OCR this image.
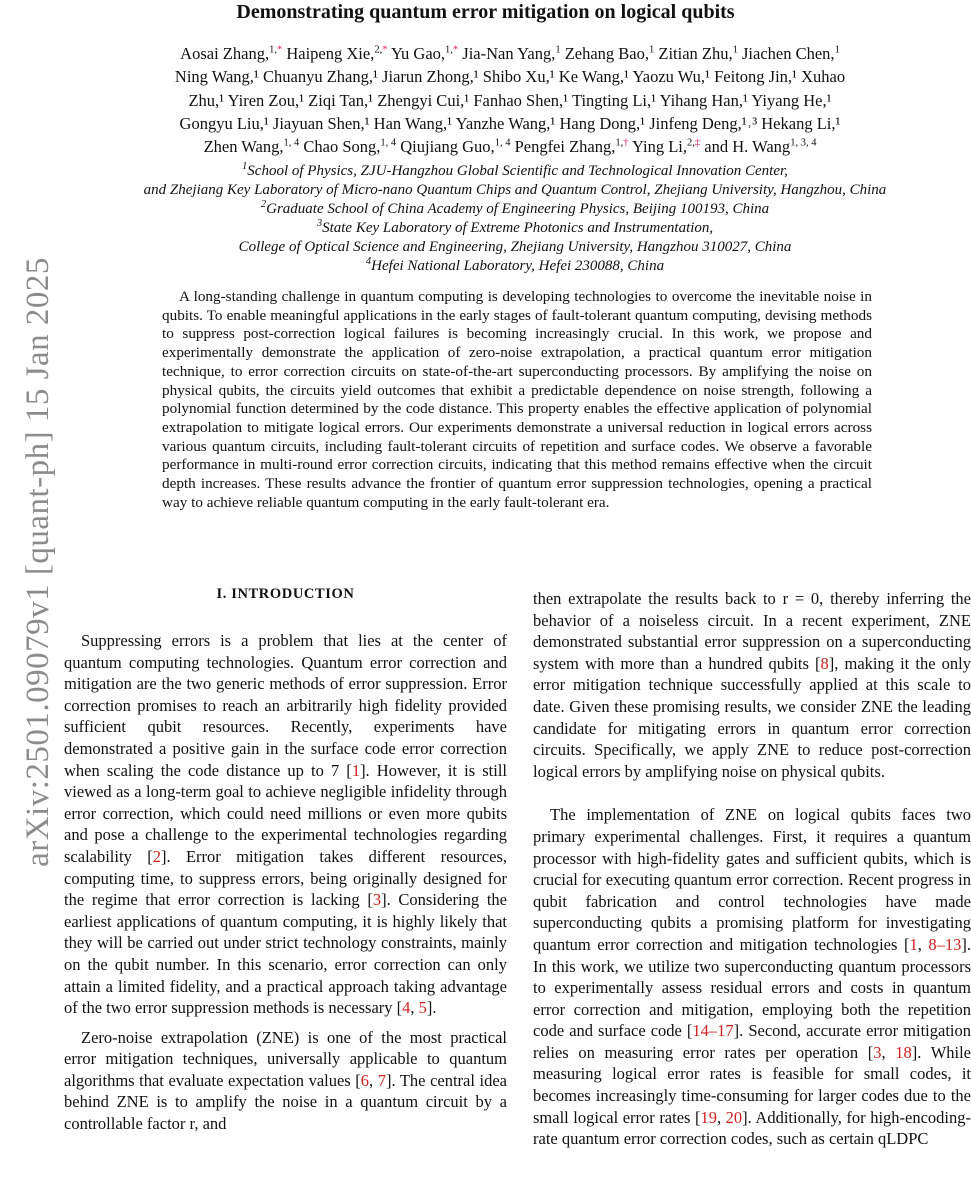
arXiv:2501.09079v1 [quant-ph] 15 Jan 2025
Demonstrating quantum error mitigation on logical qubits
Aosai Zhang,$^{1,*}$ Haipeng Xie,$^{2,*}$ Yu Gao,$^{1,*}$ Jia-Nan Yang,$^1$ Zehang Bao,$^1$ Zitian Zhu,$^1$ Jiachen Chen,$^1$
Ning Wang,¹ Chuanyu Zhang,¹ Jiarun Zhong,¹ Shibo Xu,¹ Ke Wang,¹ Yaozu Wu,¹ Feitong Jin,¹ Xuhao
Zhu,¹ Yiren Zou,¹ Ziqi Tan,¹ Zhengyi Cui,¹ Fanhao Shen,¹ Tingting Li,¹ Yihang Han,¹ Yiyang He,¹
Gongyu Liu,¹ Jiayuan Shen,¹ Han Wang,¹ Yanzhe Wang,¹ Hang Dong,¹ Jinfeng Deng,¹˒³ Hekang Li,¹
Zhen Wang,$^{1, 4}$ Chao Song,$^{1, 4}$ Qiujiang Guo,$^{1, 4}$ Pengfei Zhang,$^{1,\dagger}$ Ying Li,$^{2,\ddagger}$ and H. Wang$^{1, 3, 4}$
$^1$School of Physics, ZJU-Hangzhou Global Scientific and Technological Innovation Center,
and Zhejiang Key Laboratory of Micro-nano Quantum Chips and Quantum Control, Zhejiang University, Hangzhou, China
$^2$Graduate School of China Academy of Engineering Physics, Beijing 100193, China
$^3$State Key Laboratory of Extreme Photonics and Instrumentation,
College of Optical Science and Engineering, Zhejiang University, Hangzhou 310027, China
$^4$Hefei National Laboratory, Hefei 230088, China
A long-standing challenge in quantum computing is developing technologies to overcome the inevitable noise in qubits. To enable meaningful applications in the early stages of fault-tolerant quantum computing, devising methods to suppress post-correction logical failures is becoming increasingly crucial. In this work, we propose and experimentally demonstrate the application of zero-noise extrapolation, a practical quantum error mitigation technique, to error correction circuits on state-of-the-art superconducting processors. By amplifying the noise on physical qubits, the circuits yield outcomes that exhibit a predictable dependence on noise strength, following a polynomial function determined by the code distance. This property enables the effective application of polynomial extrapolation to mitigate logical errors. Our experiments demonstrate a universal reduction in logical errors across various quantum circuits, including fault-tolerant circuits of repetition and surface codes. We observe a favorable performance in multi-round error correction circuits, indicating that this method remains effective when the circuit depth increases. These results advance the frontier of quantum error suppression technologies, opening a practical way to achieve reliable quantum computing in the early fault-tolerant era.
I. INTRODUCTION

Suppressing errors is a problem that lies at the center of quantum computing technologies. Quantum error correction and mitigation are the two generic methods of error suppression. Error correction promises to reach an arbitrarily high fidelity provided sufficient qubit resources. Recently, experiments have demonstrated a positive gain in the surface code error correction when scaling the code distance up to 7 [1]. However, it is still viewed as a long-term goal to achieve negligible infidelity through error correction, which could need millions or even more qubits and pose a challenge to the experimental technologies regarding scalability [2]. Error mitigation takes different resources, computing time, to suppress errors, being originally designed for the regime that error correction is lacking [3]. Considering the earliest applications of quantum computing, it is highly likely that they will be carried out under strict technology constraints, mainly on the qubit number. In this scenario, error correction can only attain a limited fidelity, and a practical approach taking advantage of the two error suppression methods is necessary [4, 5].

Zero-noise extrapolation (ZNE) is one of the most practical error mitigation techniques, universally applicable to quantum algorithms that evaluate expectation values [6, 7]. The central idea behind ZNE is to amplify the noise in a quantum circuit by a controllable factor r, and

then extrapolate the results back to r = 0, thereby inferring the behavior of a noiseless circuit. In a recent experiment, ZNE demonstrated substantial error suppression on a superconducting system with more than a hundred qubits [8], making it the only error mitigation technique successfully applied at this scale to date. Given these promising results, we consider ZNE the leading candidate for mitigating errors in quantum error correction circuits. Specifically, we apply ZNE to reduce post-correction logical errors by amplifying noise on physical qubits.

The implementation of ZNE on logical qubits faces two primary experimental challenges. First, it requires a quantum processor with high-fidelity gates and sufficient qubits, which is crucial for executing quantum error correction. Recent progress in qubit fabrication and control technologies have made superconducting qubits a promising platform for investigating quantum error correction and mitigation technologies [1, 8–13]. In this work, we utilize two superconducting quantum processors to experimentally assess residual errors and costs in quantum error correction and mitigation, employing both the repetition code and surface code [14–17]. Second, accurate error mitigation relies on measuring error rates per operation [3, 18]. While measuring logical error rates is feasible for small codes, it becomes increasingly time-consuming for larger codes due to the small logical error rates [19, 20]. Additionally, for high-encoding-rate quantum error correction codes, such as certain qLDPC
